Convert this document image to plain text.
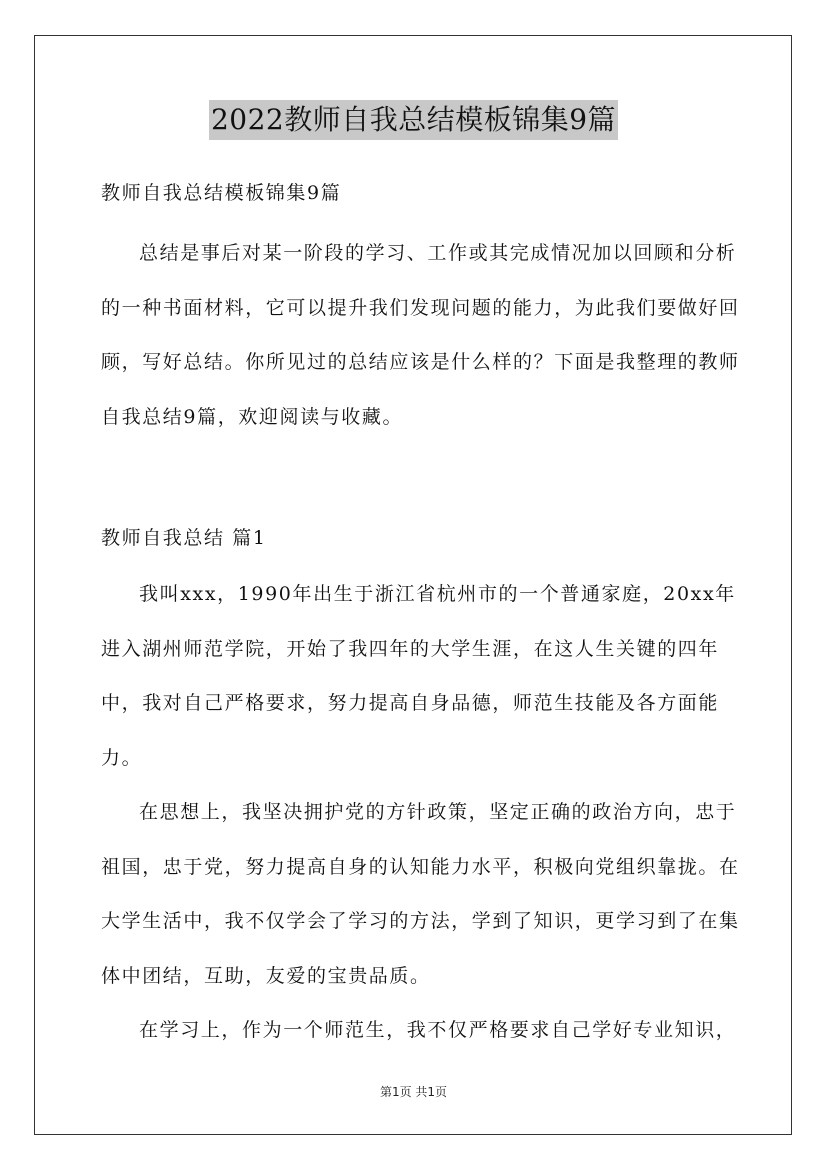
2022教师自我总结模板锦集9篇

教师自我总结模板锦集9篇

总结是事后对某一阶段的学习、工作或其完成情况加以回顾和分析的一种书面材料，它可以提升我们发现问题的能力，为此我们要做好回顾，写好总结。你所见过的总结应该是什么样的？下面是我整理的教师自我总结9篇，欢迎阅读与收藏。

教师自我总结 篇1

我叫xxx，1990年出生于浙江省杭州市的一个普通家庭，20xx年进入湖州师范学院，开始了我四年的大学生涯，在这人生关键的四年中，我对自己严格要求，努力提高自身品德，师范生技能及各方面能力。

在思想上，我坚决拥护党的方针政策，坚定正确的政治方向，忠于祖国，忠于党，努力提高自身的认知能力水平，积极向党组织靠拢。在大学生活中，我不仅学会了学习的方法，学到了知识，更学习到了在集体中团结，互助，友爱的宝贵品质。

在学习上，作为一个师范生，我不仅严格要求自己学好专业知识，

第1页 共1页
